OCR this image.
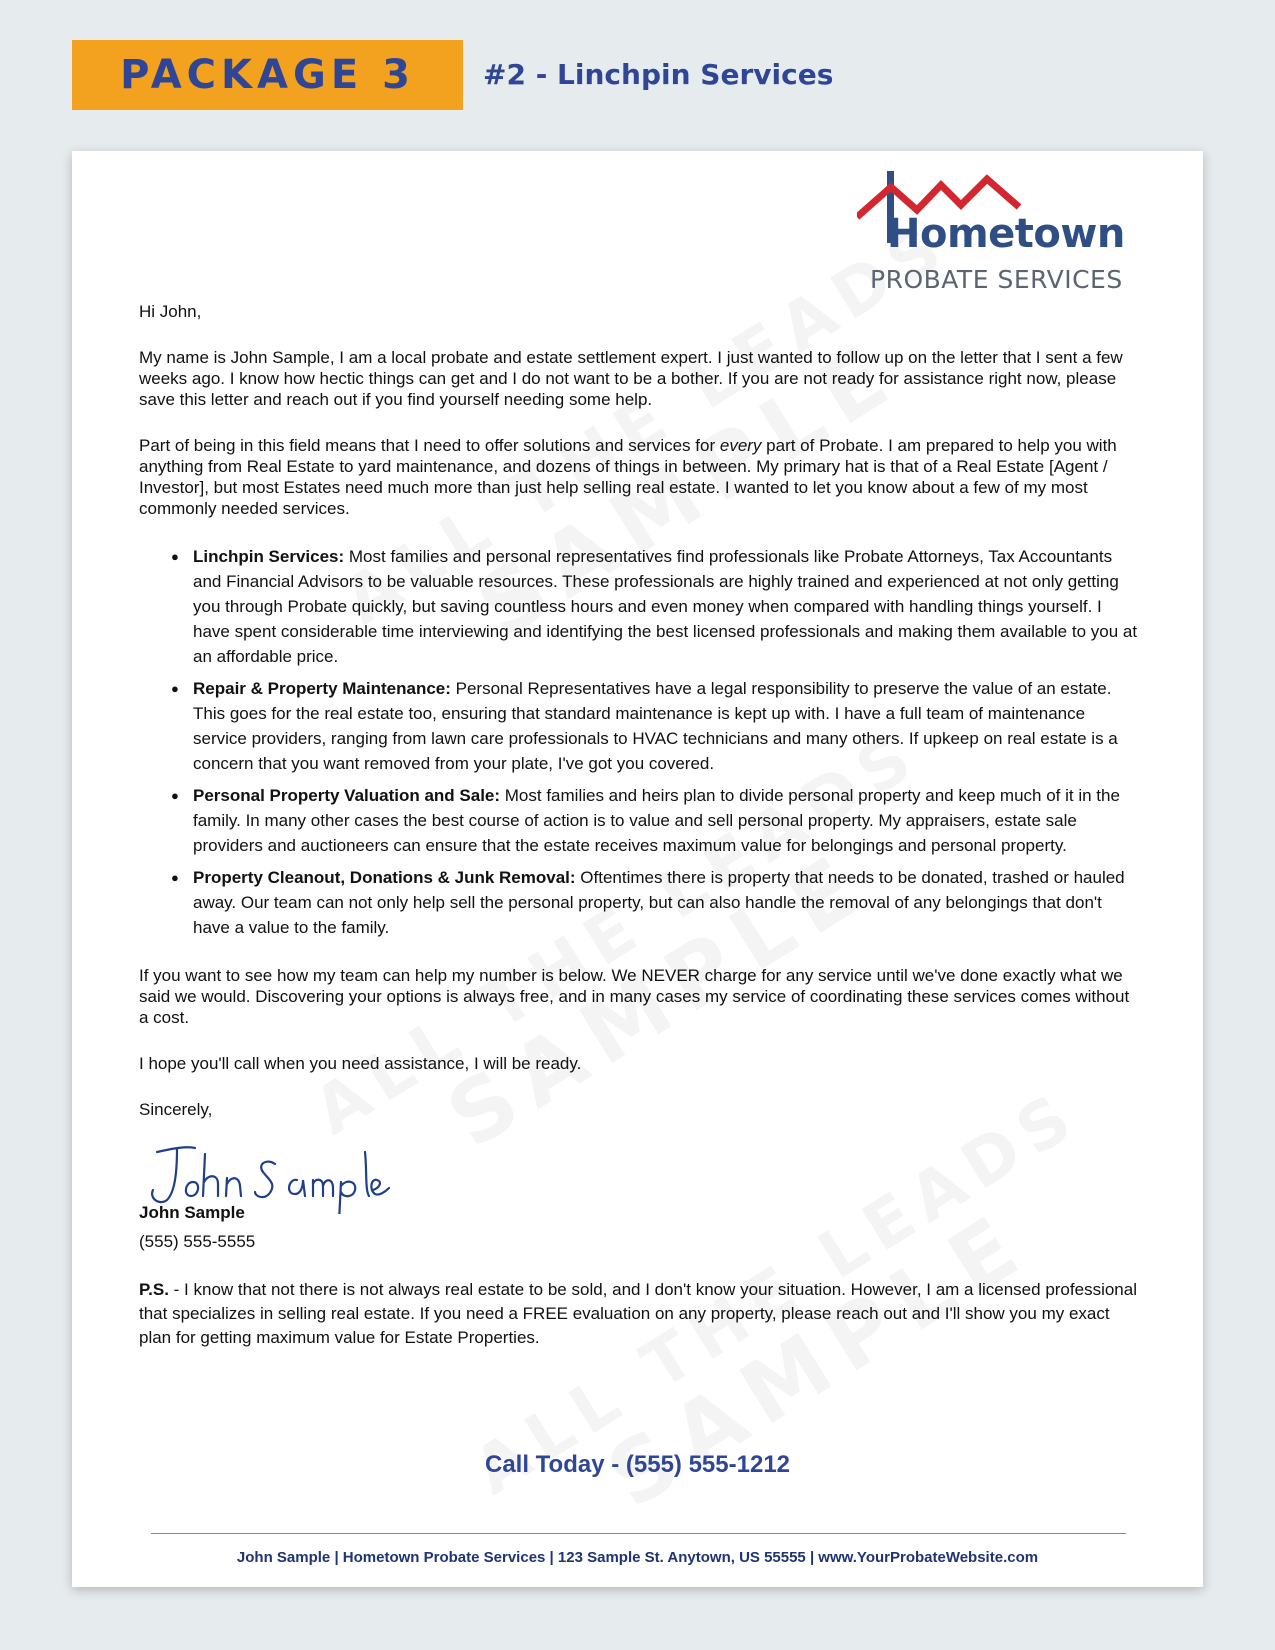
PACKAGE 3 #2 - Linchpin Services
Hometown
PROBATE SERVICES

Hi John,

My name is John Sample, I am a local probate and estate settlement expert. I just wanted to follow up on the letter that I sent a few weeks ago. I know how hectic things can get and I do not want to be a bother. If you are not ready for assistance right now, please save this letter and reach out if you find yourself needing some help.

Part of being in this field means that I need to offer solutions and services for every part of Probate. I am prepared to help you with anything from Real Estate to yard maintenance, and dozens of things in between. My primary hat is that of a Real Estate [Agent / Investor], but most Estates need much more than just help selling real estate. I wanted to let you know about a few of my most commonly needed services.

● Linchpin Services: Most families and personal representatives find professionals like Probate Attorneys, Tax Accountants and Financial Advisors to be valuable resources. These professionals are highly trained and experienced at not only getting you through Probate quickly, but saving countless hours and even money when compared with handling things yourself. I have spent considerable time interviewing and identifying the best licensed professionals and making them available to you at an affordable price.
● Repair & Property Maintenance: Personal Representatives have a legal responsibility to preserve the value of an estate. This goes for the real estate too, ensuring that standard maintenance is kept up with. I have a full team of maintenance service providers, ranging from lawn care professionals to HVAC technicians and many others. If upkeep on real estate is a concern that you want removed from your plate, I've got you covered.
● Personal Property Valuation and Sale: Most families and heirs plan to divide personal property and keep much of it in the family. In many other cases the best course of action is to value and sell personal property. My appraisers, estate sale providers and auctioneers can ensure that the estate receives maximum value for belongings and personal property.
● Property Cleanout, Donations & Junk Removal: Oftentimes there is property that needs to be donated, trashed or hauled away. Our team can not only help sell the personal property, but can also handle the removal of any belongings that don't have a value to the family.

If you want to see how my team can help my number is below. We NEVER charge for any service until we've done exactly what we said we would. Discovering your options is always free, and in many cases my service of coordinating these services comes without a cost.

I hope you'll call when you need assistance, I will be ready.

Sincerely,

John Sample

(555) 555-5555

P.S. - I know that not there is not always real estate to be sold, and I don't know your situation. However, I am a licensed professional that specializes in selling real estate. If you need a FREE evaluation on any property, please reach out and I'll show you my exact plan for getting maximum value for Estate Properties.

Call Today - (555) 555-1212
John Sample | Hometown Probate Services | 123 Sample St. Anytown, US 55555 | www.YourProbateWebsite.com
